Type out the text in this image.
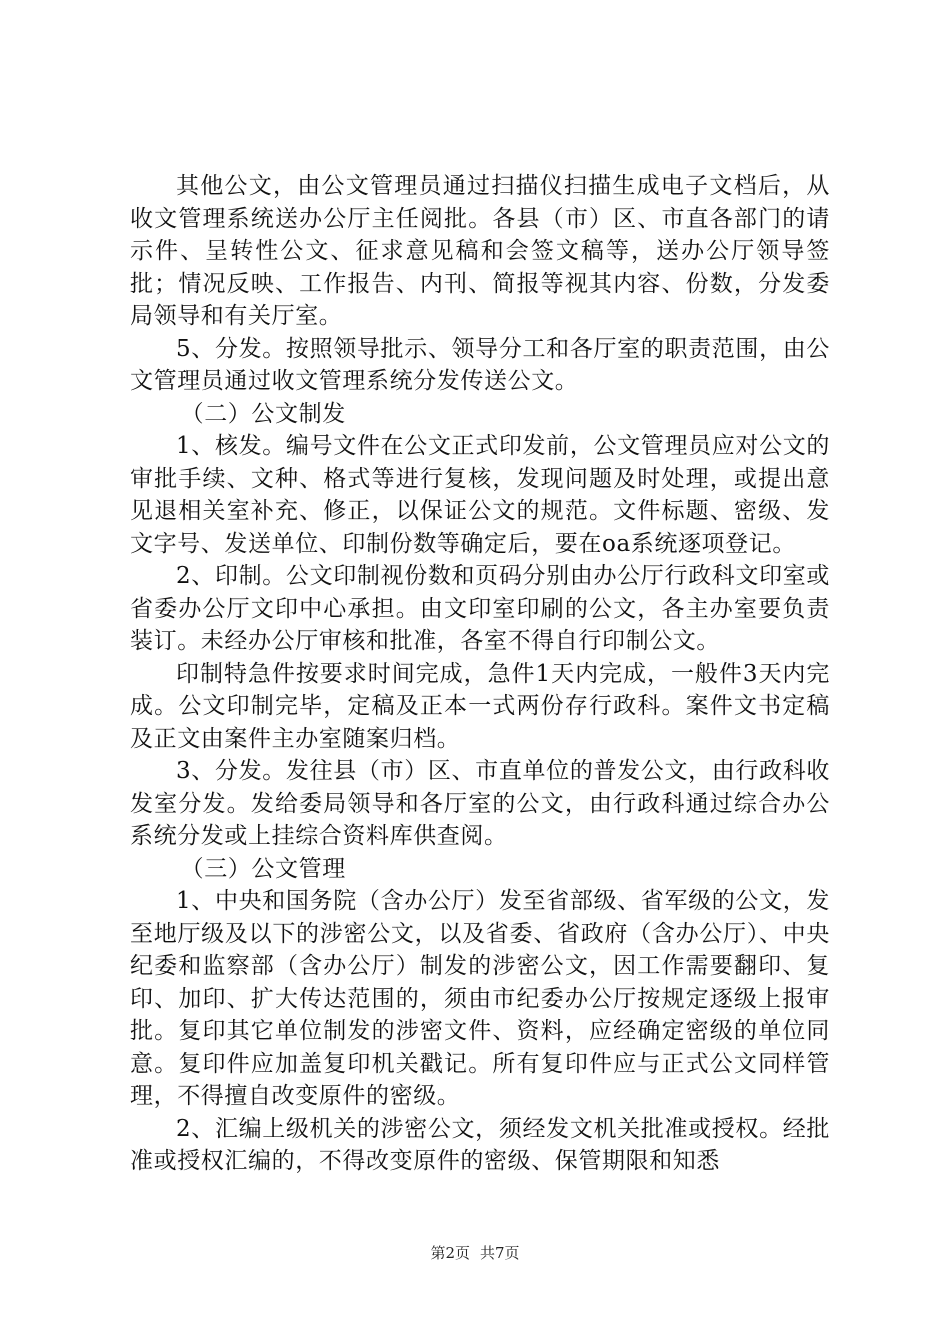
其他公文，由公文管理员通过扫描仪扫描生成电子文档后，从收文管理系统送办公厅主任阅批。各县（市）区、市直各部门的请示件、呈转性公文、征求意见稿和会签文稿等，送办公厅领导签批；情况反映、工作报告、内刊、简报等视其内容、份数，分发委局领导和有关厅室。

5、分发。按照领导批示、领导分工和各厅室的职责范围，由公文管理员通过收文管理系统分发传送公文。

（二）公文制发

1、核发。编号文件在公文正式印发前，公文管理员应对公文的审批手续、文种、格式等进行复核，发现问题及时处理，或提出意见退相关室补充、修正，以保证公文的规范。文件标题、密级、发文字号、发送单位、印制份数等确定后，要在oa系统逐项登记。

2、印制。公文印制视份数和页码分别由办公厅行政科文印室或省委办公厅文印中心承担。由文印室印刷的公文，各主办室要负责装订。未经办公厅审核和批准，各室不得自行印制公文。

印制特急件按要求时间完成，急件1天内完成，一般件3天内完成。公文印制完毕，定稿及正本一式两份存行政科。案件文书定稿及正文由案件主办室随案归档。

3、分发。发往县（市）区、市直单位的普发公文，由行政科收发室分发。发给委局领导和各厅室的公文，由行政科通过综合办公系统分发或上挂综合资料库供查阅。

（三）公文管理

1、中央和国务院（含办公厅）发至省部级、省军级的公文，发至地厅级及以下的涉密公文，以及省委、省政府（含办公厅）、中央纪委和监察部（含办公厅）制发的涉密公文，因工作需要翻印、复印、加印、扩大传达范围的，须由市纪委办公厅按规定逐级上报审批。复印其它单位制发的涉密文件、资料，应经确定密级的单位同意。复印件应加盖复印机关戳记。所有复印件应与正式公文同样管理，不得擅自改变原件的密级。

2、汇编上级机关的涉密公文，须经发文机关批准或授权。经批准或授权汇编的，不得改变原件的密级、保管期限和知悉

第2页 共7页
